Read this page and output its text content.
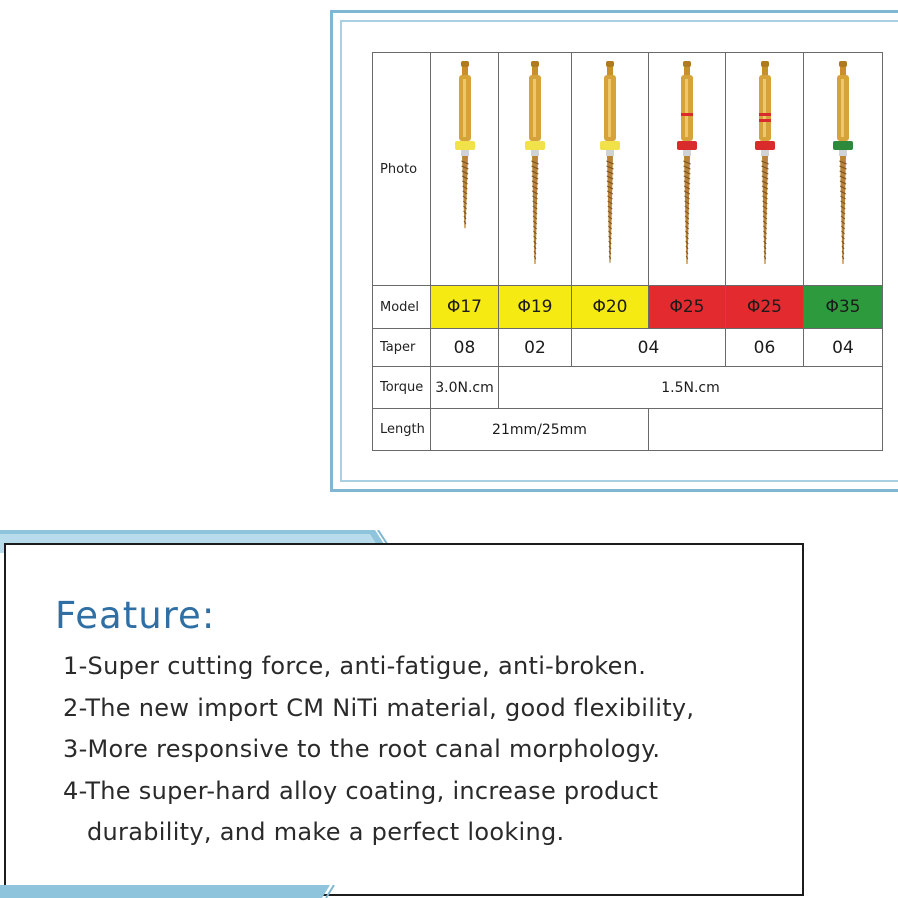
Photo	

Model	Φ17	Φ19	Φ20	Φ25	Φ25	Φ35
Taper	08	02	04		06	04
Torque	3.0N.cm	1.5N.cm				
Length	21mm/25mm					
Feature:
1-Super cutting force, anti-fatigue, anti-broken.
2-The new import CM NiTi material, good flexibility,
3-More responsive to the root canal morphology.
4-The super-hard alloy coating, increase product
durability, and make a perfect looking.
